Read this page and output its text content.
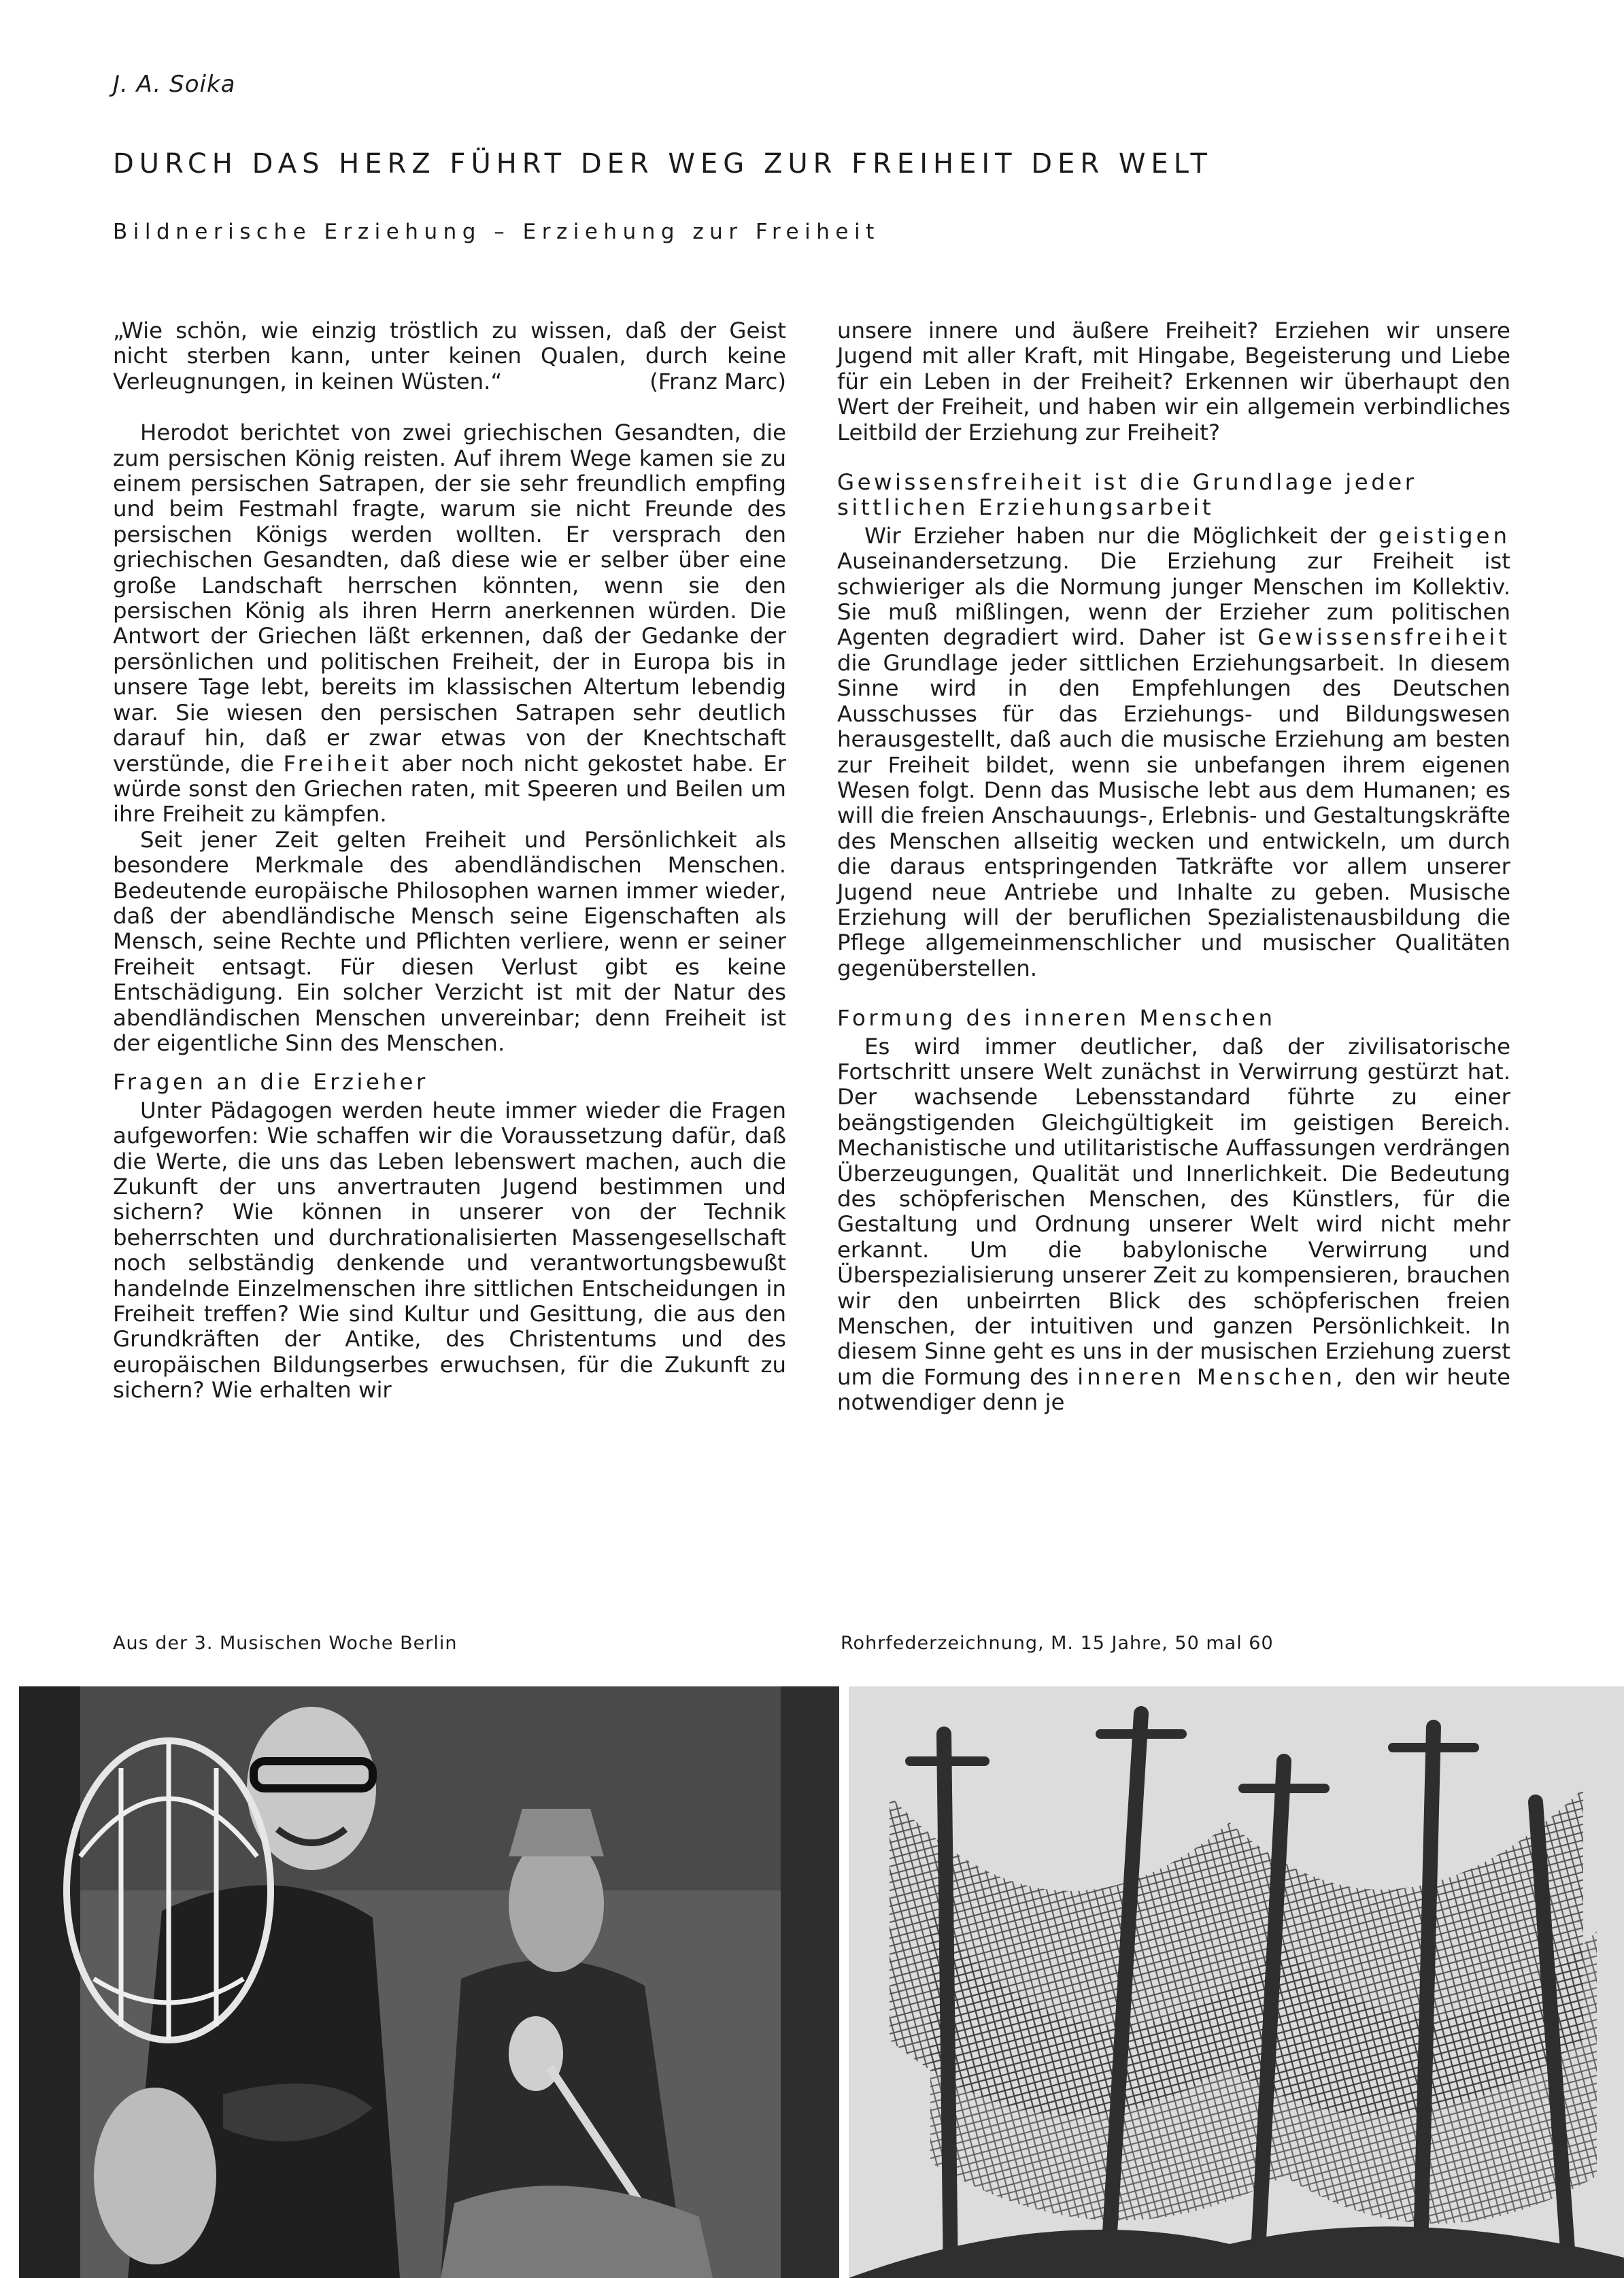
J. A. Soika
DURCH DAS HERZ FÜHRT DER WEG ZUR FREIHEIT DER WELT
Bildnerische Erziehung – Erziehung zur Freiheit

„Wie schön, wie einzig tröstlich zu wissen, daß der Geist nicht sterben kann, unter keinen Qualen, durch keine Verleugnungen, in keinen Wüsten.“	(Franz Marc)

Herodot berichtet von zwei griechischen Gesandten, die zum persischen König reisten. Auf ihrem Wege kamen sie zu einem persischen Satrapen, der sie sehr freundlich empfing und beim Festmahl fragte, warum sie nicht Freunde des persischen Königs werden wollten. Er versprach den griechischen Gesandten, daß diese wie er selber über eine große Landschaft herrschen könnten, wenn sie den persischen König als ihren Herrn anerkennen würden. Die Antwort der Griechen läßt erkennen, daß der Gedanke der persönlichen und politischen Freiheit, der in Europa bis in unsere Tage lebt, bereits im klassischen Altertum lebendig war. Sie wiesen den persischen Satrapen sehr deutlich darauf hin, daß er zwar etwas von der Knechtschaft verstünde, die Freiheit aber noch nicht gekostet habe. Er würde sonst den Griechen raten, mit Speeren und Beilen um ihre Freiheit zu kämpfen.

Seit jener Zeit gelten Freiheit und Persönlichkeit als besondere Merkmale des abendländischen Menschen. Bedeutende europäische Philosophen warnen immer wieder, daß der abendländische Mensch seine Eigenschaften als Mensch, seine Rechte und Pflichten verliere, wenn er seiner Freiheit entsagt. Für diesen Verlust gibt es keine Entschädigung. Ein solcher Verzicht ist mit der Natur des abendländischen Menschen unvereinbar; denn Freiheit ist der eigentliche Sinn des Menschen.

Fragen an die Erzieher

Unter Pädagogen werden heute immer wieder die Fragen aufgeworfen: Wie schaffen wir die Voraussetzung dafür, daß die Werte, die uns das Leben lebenswert machen, auch die Zukunft der uns anvertrauten Jugend bestimmen und sichern? Wie können in unserer von der Technik beherrschten und durchrationalisierten Massengesellschaft noch selbständig denkende und verantwortungsbewußt handelnde Einzelmenschen ihre sittlichen Entscheidungen in Freiheit treffen? Wie sind Kultur und Gesittung, die aus den Grundkräften der Antike, des Christentums und des europäischen Bildungserbes erwuchsen, für die Zukunft zu sichern? Wie erhalten wir

unsere innere und äußere Freiheit? Erziehen wir unsere Jugend mit aller Kraft, mit Hingabe, Begeisterung und Liebe für ein Leben in der Freiheit? Erkennen wir überhaupt den Wert der Freiheit, und haben wir ein allgemein verbindliches Leitbild der Erziehung zur Freiheit?

Gewissensfreiheit ist die Grundlage jeder sittlichen Erziehungsarbeit

Wir Erzieher haben nur die Möglichkeit der geistigen Auseinandersetzung. Die Erziehung zur Freiheit ist schwieriger als die Normung junger Menschen im Kollektiv. Sie muß mißlingen, wenn der Erzieher zum politischen Agenten degradiert wird. Daher ist Gewissensfreiheit die Grundlage jeder sittlichen Erziehungsarbeit. In diesem Sinne wird in den Empfehlungen des Deutschen Ausschusses für das Erziehungs- und Bildungswesen herausgestellt, daß auch die musische Erziehung am besten zur Freiheit bildet, wenn sie unbefangen ihrem eigenen Wesen folgt. Denn das Musische lebt aus dem Humanen; es will die freien Anschauungs-, Erlebnis- und Gestaltungskräfte des Menschen allseitig wecken und entwickeln, um durch die daraus entspringenden Tatkräfte vor allem unserer Jugend neue Antriebe und Inhalte zu geben. Musische Erziehung will der beruflichen Spezialistenausbildung die Pflege allgemeinmenschlicher und musischer Qualitäten gegenüberstellen.

Formung des inneren Menschen

Es wird immer deutlicher, daß der zivilisatorische Fortschritt unsere Welt zunächst in Verwirrung gestürzt hat. Der wachsende Lebensstandard führte zu einer beängstigenden Gleichgültigkeit im geistigen Bereich. Mechanistische und utilitaristische Auffassungen verdrängen Überzeugungen, Qualität und Innerlichkeit. Die Bedeutung des schöpferischen Menschen, des Künstlers, für die Gestaltung und Ordnung unserer Welt wird nicht mehr erkannt. Um die babylonische Verwirrung und Überspezialisierung unserer Zeit zu kompensieren, brauchen wir den unbeirrten Blick des schöpferischen freien Menschen, der intuitiven und ganzen Persönlichkeit. In diesem Sinne geht es uns in der musischen Erziehung zuerst um die Formung des inneren Menschen, den wir heute notwendiger denn je

Aus der 3. Musischen Woche Berlin	Rohrfederzeichnung, M. 15 Jahre, 50 mal 60
